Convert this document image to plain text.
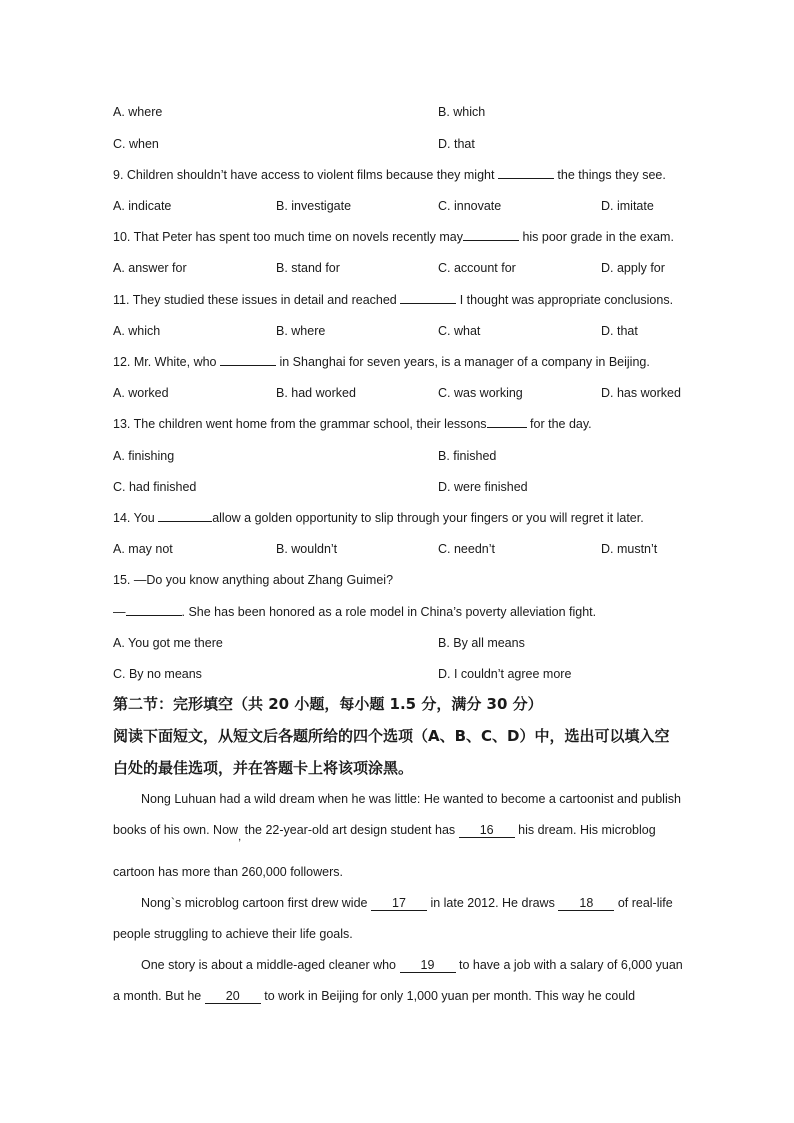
A. where	B. which
C. when	D. that
9. Children shouldn’t have access to violent films because they might	the things they see.
A. indicate	B. investigate	C. innovate	D. imitate
10. That Peter has spent too much time on novels recently may	his poor grade in the exam.
A. answer for	B. stand for	C. account for	D. apply for
11. They studied these issues in detail and reached	I thought was appropriate conclusions.
A. which	B. where	C. what	D. that
12. Mr. White, who	in Shanghai for seven years, is a manager of a company in Beijing.
A. worked	B. had worked	C. was working	D. has worked
13. The children went home from the grammar school, their lessons	for the day.
A. finishing	B. finished
C. had finished	D. were finished
14. You	allow a golden opportunity to slip through your fingers or you will regret it later.
A. may not	B. wouldn’t	C. needn’t	D. mustn’t
15. —Do you know anything about Zhang Guimei?
—	. She has been honored as a role model in China’s poverty alleviation fight.
A. You got me there	B. By all means
C. By no means	D. I couldn’t agree more
第二节：完形填空（共 20 小题，每小题 1.5 分，满分 30 分）
阅读下面短文，从短文后各题所给的四个选项（A、B、C、D）中，选出可以填入空
白处的最佳选项，并在答题卡上将该项涂黑。
Nong Luhuan had a wild dream when he was little: He wanted to become a cartoonist and publish
books of his own. Now, the 22-year-old art design student has 16 his dream. His microblog
cartoon has more than 260,000 followers.
Nong`s microblog cartoon first drew wide 17 in late 2012. He draws 18 of real-life
people struggling to achieve their life goals.
One story is about a middle-aged cleaner who 19 to have a job with a salary of 6,000 yuan
a month. But he 20 to work in Beijing for only 1,000 yuan per month. This way he could
